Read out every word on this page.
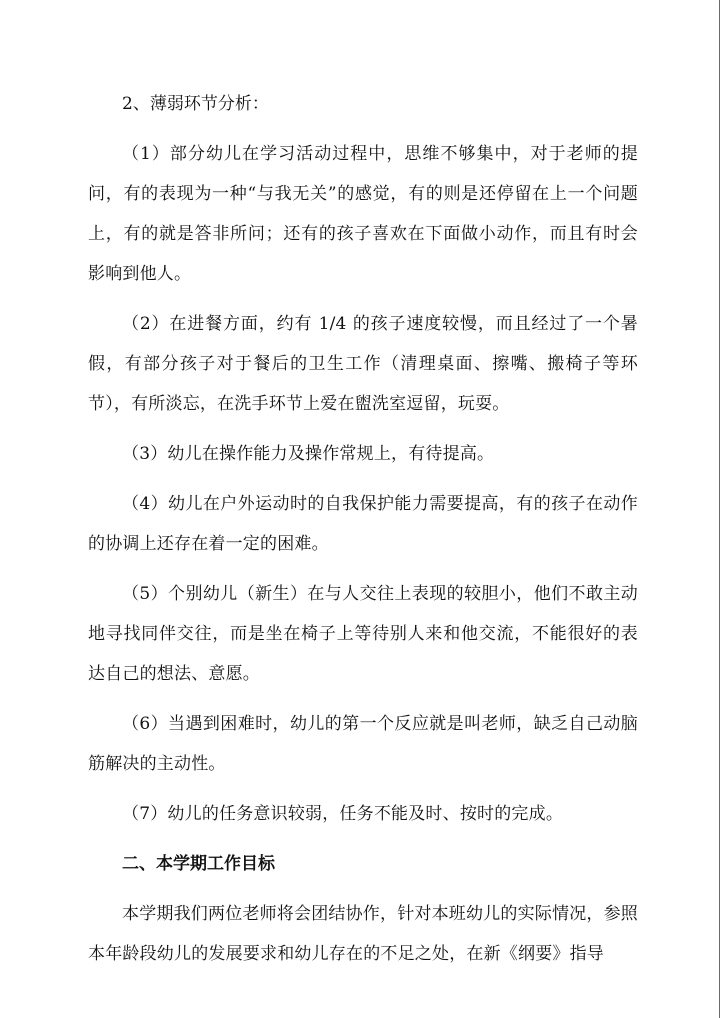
2、薄弱环节分析：

（1）部分幼儿在学习活动过程中，思维不够集中，对于老师的提问，有的表现为一种“与我无关”的感觉，有的则是还停留在上一个问题上，有的就是答非所问；还有的孩子喜欢在下面做小动作，而且有时会影响到他人。

（2）在进餐方面，约有 1/4 的孩子速度较慢，而且经过了一个暑假，有部分孩子对于餐后的卫生工作（清理桌面、擦嘴、搬椅子等环节），有所淡忘，在洗手环节上爱在盥洗室逗留，玩耍。

（3）幼儿在操作能力及操作常规上，有待提高。

（4）幼儿在户外运动时的自我保护能力需要提高，有的孩子在动作的协调上还存在着一定的困难。

（5）个别幼儿（新生）在与人交往上表现的较胆小，他们不敢主动地寻找同伴交往，而是坐在椅子上等待别人来和他交流，不能很好的表达自己的想法、意愿。

（6）当遇到困难时，幼儿的第一个反应就是叫老师，缺乏自己动脑筋解决的主动性。

（7）幼儿的任务意识较弱，任务不能及时、按时的完成。

二、本学期工作目标

本学期我们两位老师将会团结协作，针对本班幼儿的实际情况，参照本年龄段幼儿的发展要求和幼儿存在的不足之处，在新《纲要》指导
